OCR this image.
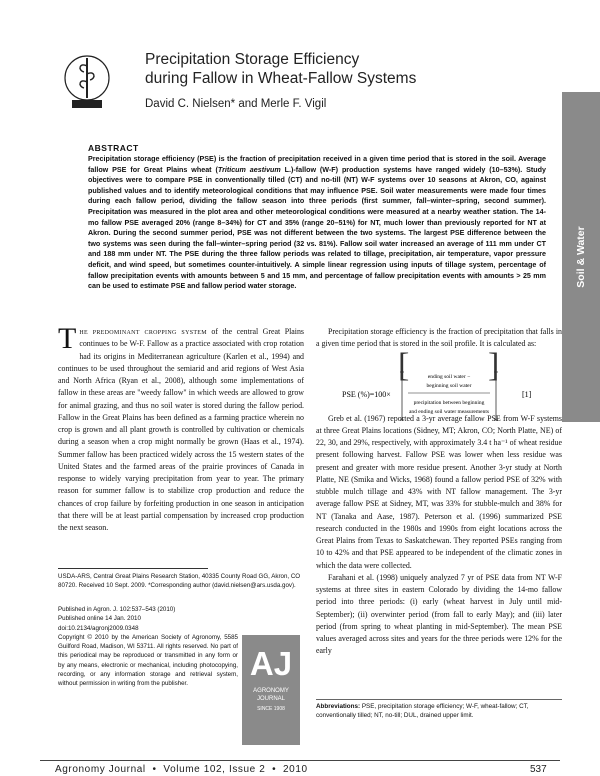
Precipitation Storage Efficiency
during Fallow in Wheat-Fallow Systems
David C. Nielsen* and Merle F. Vigil
Soil & Water
ABSTRACT
Precipitation storage efficiency (PSE) is the fraction of precipitation received in a given time period that is stored in the soil. Average fallow PSE for Great Plains wheat (Triticum aestivum L.)-fallow (W-F) production systems have ranged widely (10–53%). Study objectives were to compare PSE in conventionally tilled (CT) and no-till (NT) W-F systems over 10 seasons at Akron, CO, against published values and to identify meteorological conditions that may influence PSE. Soil water measurements were made four times during each fallow period, dividing the fallow season into three periods (first summer, fall–winter–spring, second summer). Precipitation was measured in the plot area and other meteorological conditions were measured at a nearby weather station. The 14-mo fallow PSE averaged 20% (range 8–34%) for CT and 35% (range 20–51%) for NT, much lower than previously reported for NT at Akron. During the second summer period, PSE was not different between the two systems. The largest PSE difference between the two systems was seen during the fall–winter–spring period (32 vs. 81%). Fallow soil water increased an average of 111 mm under CT and 188 mm under NT. The PSE during the three fallow periods was related to tillage, precipitation, air temperature, vapor pressure deficit, and wind speed, but sometimes counter-intuitively. A simple linear regression using inputs of tillage system, percentage of fallow precipitation events with amounts between 5 and 15 mm, and percentage of fallow precipitation events with amounts > 25 mm can be used to estimate PSE and fallow period water storage.

The predominant cropping system of the central Great Plains continues to be W-F. Fallow as a practice associated with crop rotation had its origins in Mediterranean agriculture (Karlen et al., 1994) and continues to be used throughout the semiarid and arid regions of West Asia and North Africa (Ryan et al., 2008), although some implementations of fallow in these areas are "weedy fallow" in which weeds are allowed to grow for animal grazing, and thus no soil water is stored during the fallow period. Fallow in the Great Plains has been defined as a farming practice wherein no crop is grown and all plant growth is controlled by cultivation or chemicals during a season when a crop might normally be grown (Haas et al., 1974). Summer fallow has been practiced widely across the 15 western states of the United States and the farmed areas of the prairie provinces of Canada in response to widely varying precipitation from year to year. The primary reason for summer fallow is to stabilize crop production and reduce the chances of crop failure by forfeiting production in one season in anticipation that there will be at least partial compensation by increased crop production the next season.

USDA-ARS, Central Great Plains Research Station, 40335 County Road GG, Akron, CO 80720. Received 10 Sept. 2009. *Corresponding author (david.nielsen@ars.usda.gov).
Published in Agron. J. 102:537–543 (2010)
Published online 14 Jan. 2010
doi:10.2134/agronj2009.0348
Copyright © 2010 by the American Society of Agronomy, 5585 Guilford Road, Madison, WI 53711. All rights reserved. No part of this periodical may be reproduced or transmitted in any form or by any means, electronic or mechanical, including photocopying, recording, or any information storage and retrieval system, without permission in writing from the publisher.
AJ
AGRONOMY
JOURNAL
SINCE 1908

Precipitation storage efficiency is the fraction of precipitation that falls in a given time period that is stored in the soil profile. It is calculated as:

Greb et al. (1967) reported a 3-yr average fallow PSE from W-F systems at three Great Plains locations (Sidney, MT; Akron, CO; North Platte, NE) of 22, 30, and 29%, respectively, with approximately 3.4 t ha⁻¹ of wheat residue present following harvest. Fallow PSE was lower when less residue was present and greater with more residue present. Another 3-yr study at North Platte, NE (Smika and Wicks, 1968) found a fallow period PSE of 32% with stubble mulch tillage and 43% with NT fallow management. The 3-yr average fallow PSE at Sidney, MT, was 33% for stubble-mulch and 38% for NT (Tanaka and Aase, 1987). Peterson et al. (1996) summarized PSE research conducted in the 1980s and 1990s from eight locations across the Great Plains from Texas to Saskatchewan. They reported PSEs ranging from 10 to 42% and that PSE appeared to be independent of the climatic zones in which the data were collected.

Farahani et al. (1998) uniquely analyzed 7 yr of PSE data from NT W-F systems at three sites in eastern Colorado by dividing the 14-mo fallow period into three periods: (i) early (wheat harvest in July until mid-September); (ii) overwinter period (from fall to early May); and (iii) later period (from spring to wheat planting in mid-September). The mean PSE values averaged across sites and years for the three periods were 12% for the early

PSE (%)=100×
[ ]
ending soil water −
beginning soil water
precipitation between beginning
and ending soil water measurements
[1]
Abbreviations: PSE, precipitation storage efficiency; W-F, wheat-fallow; CT, conventionally tilled; NT, no-till; DUL, drained upper limit.
Agronomy Journal  •  Volume 102, Issue 2  •  2010	537
